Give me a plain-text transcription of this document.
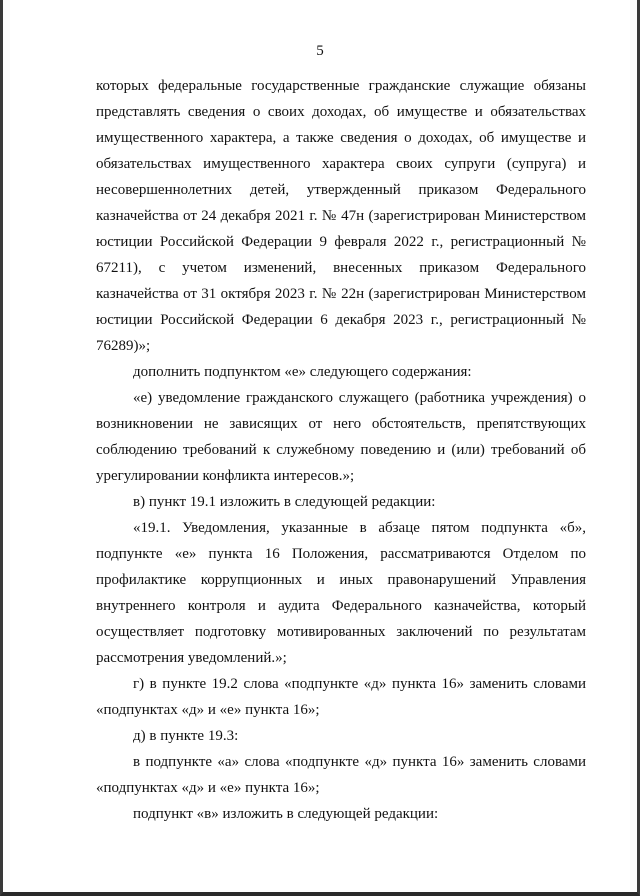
5

которых федеральные государственные гражданские служащие обязаны представлять сведения о своих доходах, об имуществе и обязательствах имущественного характера, а также сведения о доходах, об имуществе и обязательствах имущественного характера своих супруги (супруга) и несовершеннолетних детей, утвержденный приказом Федерального казначейства от 24 декабря 2021 г. № 47н (зарегистрирован Министерством юстиции Российской Федерации 9 февраля 2022 г., регистрационный № 67211), с учетом изменений, внесенных приказом Федерального казначейства от 31 октября 2023 г. № 22н (зарегистрирован Министерством юстиции Российской Федерации 6 декабря 2023 г., регистрационный № 76289)»;

дополнить подпунктом «е» следующего содержания:

«е) уведомление гражданского служащего (работника учреждения) о возникновении не зависящих от него обстоятельств, препятствующих соблюдению требований к служебному поведению и (или) требований об урегулировании конфликта интересов.»;

в) пункт 19.1 изложить в следующей редакции:

«19.1. Уведомления, указанные в абзаце пятом подпункта «б», подпункте «е» пункта 16 Положения, рассматриваются Отделом по профилактике коррупционных и иных правонарушений Управления внутреннего контроля и аудита Федерального казначейства, который осуществляет подготовку мотивированных заключений по результатам рассмотрения уведомлений.»;

г) в пункте 19.2 слова «подпункте «д» пункта 16» заменить словами «подпунктах «д» и «е» пункта 16»;

д) в пункте 19.3:

в подпункте «а» слова «подпункте «д» пункта 16» заменить словами «подпунктах «д» и «е» пункта 16»;

подпункт «в» изложить в следующей редакции:
